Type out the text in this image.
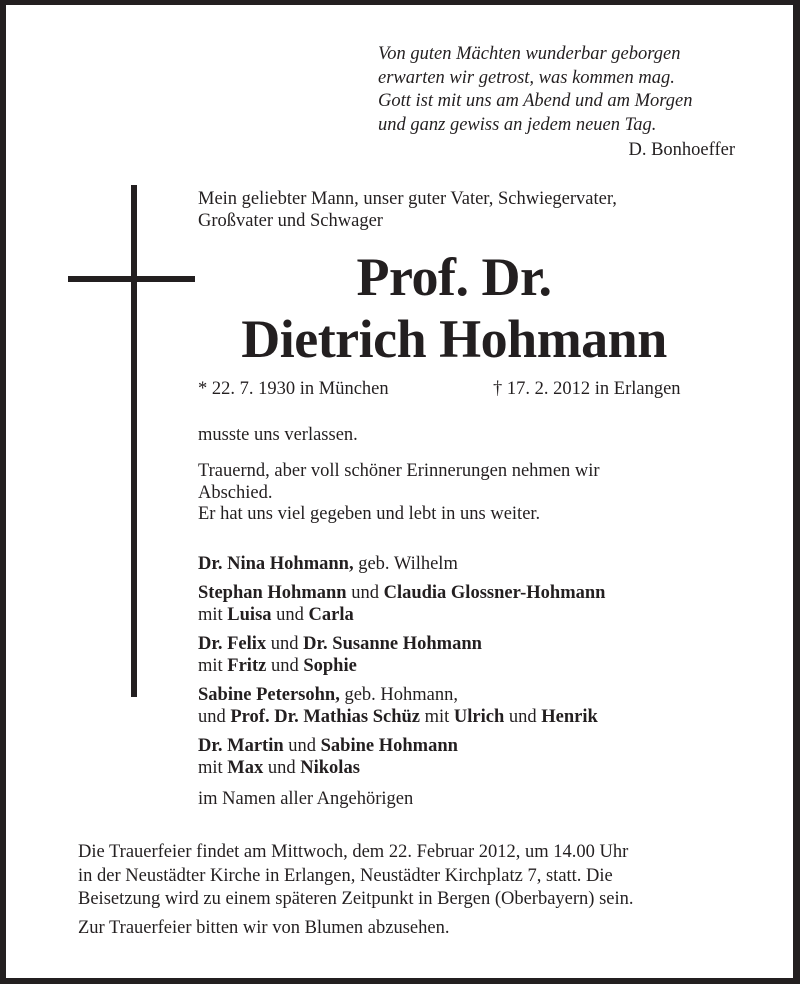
Von guten Mächten wunderbar geborgen
erwarten wir getrost, was kommen mag.
Gott ist mit uns am Abend und am Morgen
und ganz gewiss an jedem neuen Tag.
D. Bonhoeffer
Mein geliebter Mann, unser guter Vater, Schwiegervater,
Großvater und Schwager
Prof. Dr.
Dietrich Hohmann
* 22. 7. 1930 in München	† 17. 2. 2012 in Erlangen
musste uns verlassen.
Trauernd, aber voll schöner Erinnerungen nehmen wir
Abschied.
Er hat uns viel gegeben und lebt in uns weiter.
Dr. Nina Hohmann, geb. Wilhelm
Stephan Hohmann und Claudia Glossner-Hohmann
mit Luisa und Carla
Dr. Felix und Dr. Susanne Hohmann
mit Fritz und Sophie
Sabine Petersohn, geb. Hohmann,
und Prof. Dr. Mathias Schüz mit Ulrich und Henrik
Dr. Martin und Sabine Hohmann
mit Max und Nikolas
im Namen aller Angehörigen
Die Trauerfeier findet am Mittwoch, dem 22. Februar 2012, um 14.00 Uhr
in der Neustädter Kirche in Erlangen, Neustädter Kirchplatz 7, statt. Die
Beisetzung wird zu einem späteren Zeitpunkt in Bergen (Oberbayern) sein.
Zur Trauerfeier bitten wir von Blumen abzusehen.
